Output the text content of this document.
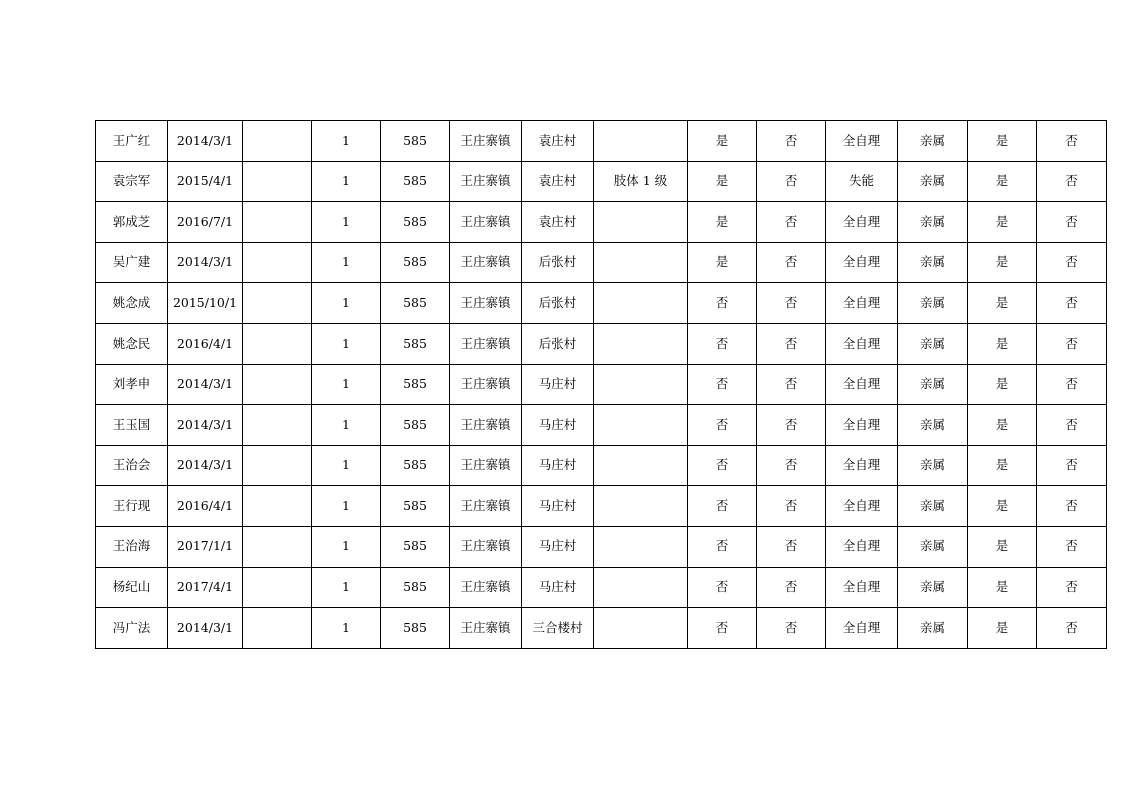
王广红	2014/3/1		1	585	王庄寨镇	袁庄村		是	否	全自理	亲属	是	否
袁宗军	2015/4/1		1	585	王庄寨镇	袁庄村	肢体 1 级	是	否	失能	亲属	是	否
郭成芝	2016/7/1		1	585	王庄寨镇	袁庄村		是	否	全自理	亲属	是	否
吴广建	2014/3/1		1	585	王庄寨镇	后张村		是	否	全自理	亲属	是	否
姚念成	2015/10/1		1	585	王庄寨镇	后张村		否	否	全自理	亲属	是	否
姚念民	2016/4/1		1	585	王庄寨镇	后张村		否	否	全自理	亲属	是	否
刘孝申	2014/3/1		1	585	王庄寨镇	马庄村		否	否	全自理	亲属	是	否
王玉国	2014/3/1		1	585	王庄寨镇	马庄村		否	否	全自理	亲属	是	否
王治会	2014/3/1		1	585	王庄寨镇	马庄村		否	否	全自理	亲属	是	否
王行现	2016/4/1		1	585	王庄寨镇	马庄村		否	否	全自理	亲属	是	否
王治海	2017/1/1		1	585	王庄寨镇	马庄村		否	否	全自理	亲属	是	否
杨纪山	2017/4/1		1	585	王庄寨镇	马庄村		否	否	全自理	亲属	是	否
冯广法	2014/3/1		1	585	王庄寨镇	三合楼村		否	否	全自理	亲属	是	否
